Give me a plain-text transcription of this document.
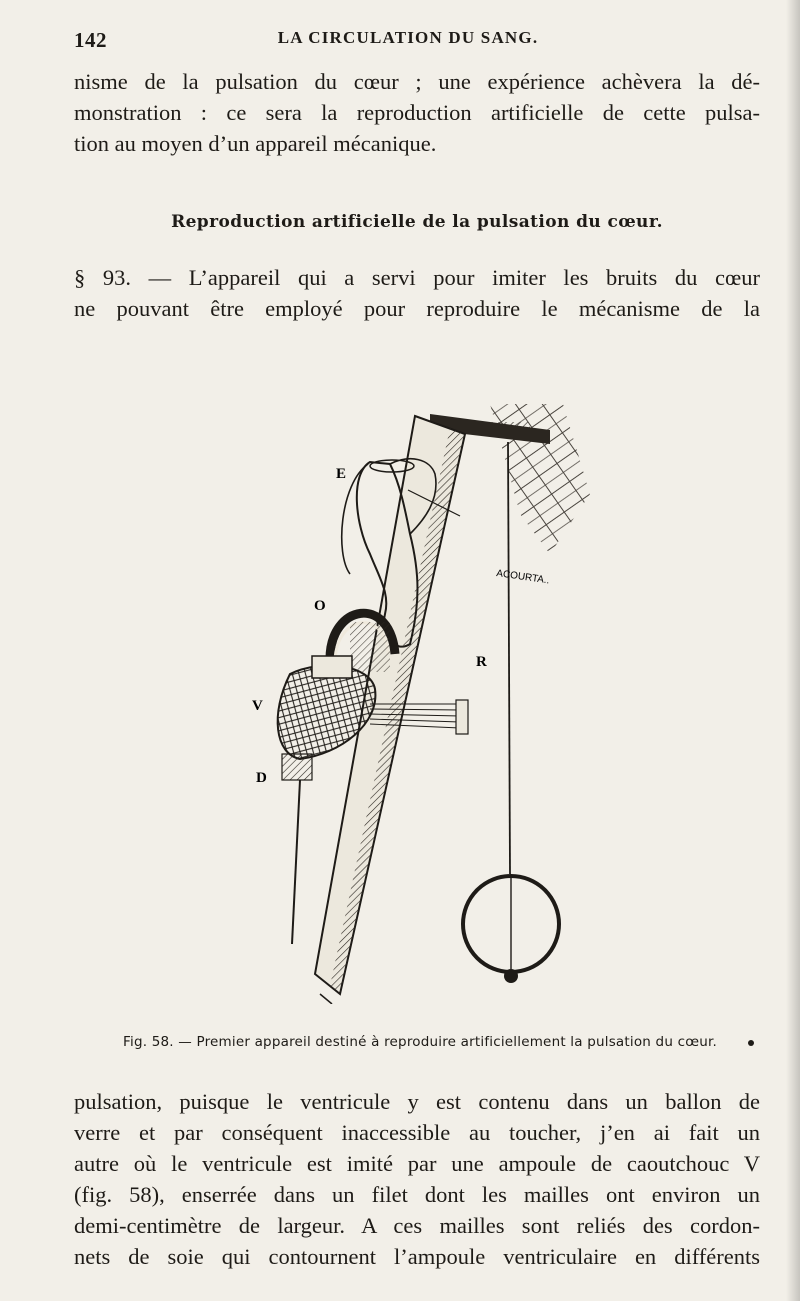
142	LA CIRCULATION DU SANG.
nisme de la pulsation du cœur ; une expérience achèvera la dé-
monstration : ce sera la reproduction artificielle de cette pulsa-
tion au moyen d’un appareil mécanique.
Reproduction artificielle de la pulsation du cœur.
§ 93. — L’appareil qui a servi pour imiter les bruits du cœur
ne pouvant être employé pour reproduire le mécanisme de la
E
O
R
V
D
ACOURTA..
Fig. 58. — Premier appareil destiné à reproduire artificiellement la pulsation du cœur.
pulsation, puisque le ventricule y est contenu dans un ballon de
verre et par conséquent inaccessible au toucher, j’en ai fait un
autre où le ventricule est imité par une ampoule de caoutchouc V
(fig. 58), enserrée dans un filet dont les mailles ont environ un
demi-centimètre de largeur. A ces mailles sont reliés des cordon-
nets de soie qui contournent l’ampoule ventriculaire en différents
